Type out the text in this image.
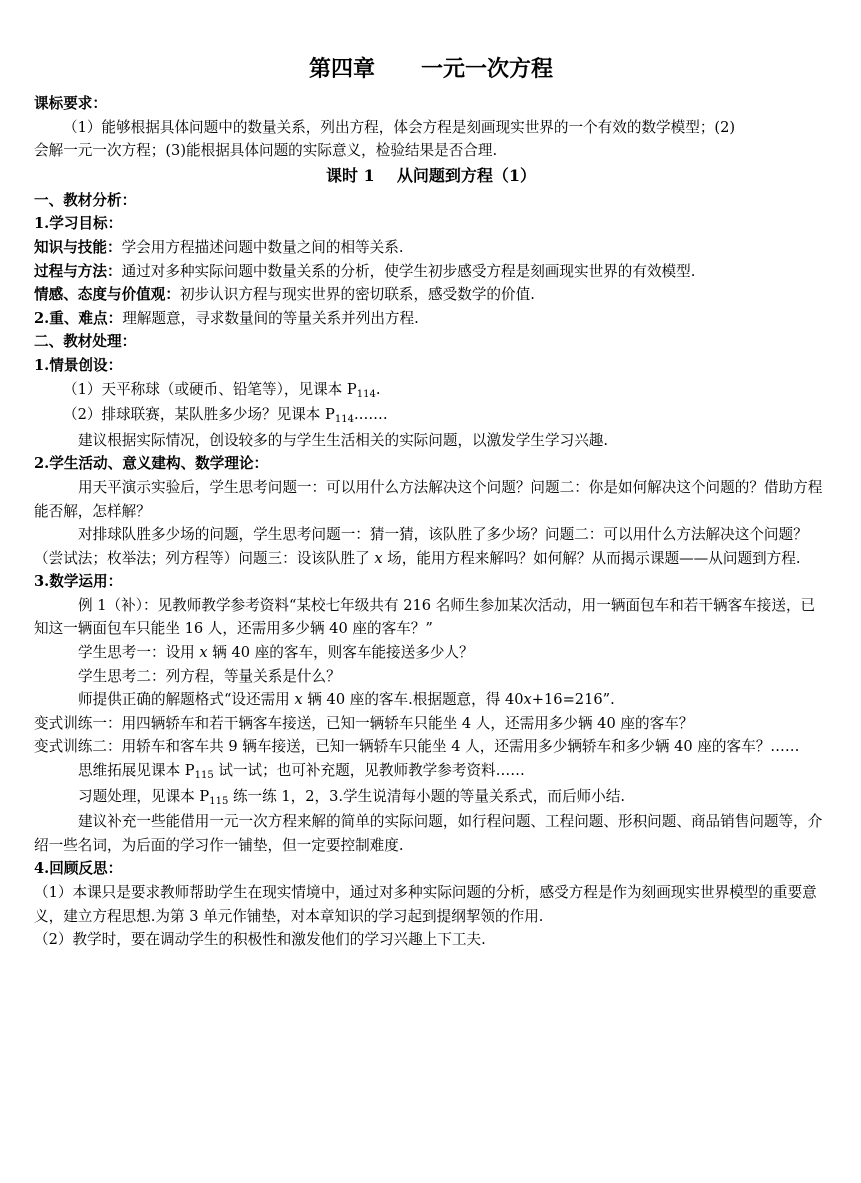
第四章      一元一次方程
课标要求：
（1）能够根据具体问题中的数量关系，列出方程，体会方程是刻画现实世界的一个有效的数学模型；(2)
会解一元一次方程；(3)能根据具体问题的实际意义，检验结果是否合理.
课时 1    从问题到方程（1）
一、教材分析：
1.学习目标：
知识与技能：学会用方程描述问题中数量之间的相等关系.
过程与方法：通过对多种实际问题中数量关系的分析，使学生初步感受方程是刻画现实世界的有效模型.
情感、态度与价值观：初步认识方程与现实世界的密切联系，感受数学的价值.
2.重、难点：理解题意，寻求数量间的等量关系并列出方程.
二、教材处理：
1.情景创设：
（1）天平称球（或硬币、铅笔等），见课本 $P_{114}$.
（2）排球联赛，某队胜多少场？见课本 $P_{114}.\dots\dots$
建议根据实际情况，创设较多的与学生生活相关的实际问题，以激发学生学习兴趣.
2.学生活动、意义建构、数学理论：
用天平演示实验后，学生思考问题一：可以用什么方法解决这个问题？问题二：你是如何解决这个问题的？借助方程能否解，怎样解？
对排球队胜多少场的问题，学生思考问题一：猜一猜，该队胜了多少场？问题二：可以用什么方法解决这个问题？（尝试法；枚举法；列方程等）问题三：设该队胜了 x 场，能用方程来解吗？如何解？从而揭示课题——从问题到方程.
3.数学运用：
例 1（补）：见教师教学参考资料“某校七年级共有 216 名师生参加某次活动，用一辆面包车和若干辆客车接送，已知这一辆面包车只能坐 16 人，还需用多少辆 40 座的客车？”
学生思考一：设用 x 辆 40 座的客车，则客车能接送多少人？
学生思考二：列方程，等量关系是什么？
师提供正确的解题格式“设还需用 x 辆 40 座的客车.根据题意，得 40x+16=216”.
变式训练一：用四辆轿车和若干辆客车接送，已知一辆轿车只能坐 4 人，还需用多少辆 40 座的客车？
变式训练二：用轿车和客车共 9 辆车接送，已知一辆轿车只能坐 4 人，还需用多少辆轿车和多少辆 40 座的客车？……
思维拓展见课本 $P_{115}$ 试一试；也可补充题，见教师教学参考资料……
习题处理，见课本 $P_{115}$ 练一练 1，2，3.学生说清每小题的等量关系式，而后师小结.
建议补充一些能借用一元一次方程来解的简单的实际问题，如行程问题、工程问题、形积问题、商品销售问题等，介绍一些名词，为后面的学习作一铺垫，但一定要控制难度.
4.回顾反思：
（1）本课只是要求教师帮助学生在现实情境中，通过对多种实际问题的分析，感受方程是作为刻画现实世界模型的重要意义，建立方程思想.为第 3 单元作铺垫，对本章知识的学习起到提纲挈领的作用.
（2）教学时，要在调动学生的积极性和激发他们的学习兴趣上下工夫.
